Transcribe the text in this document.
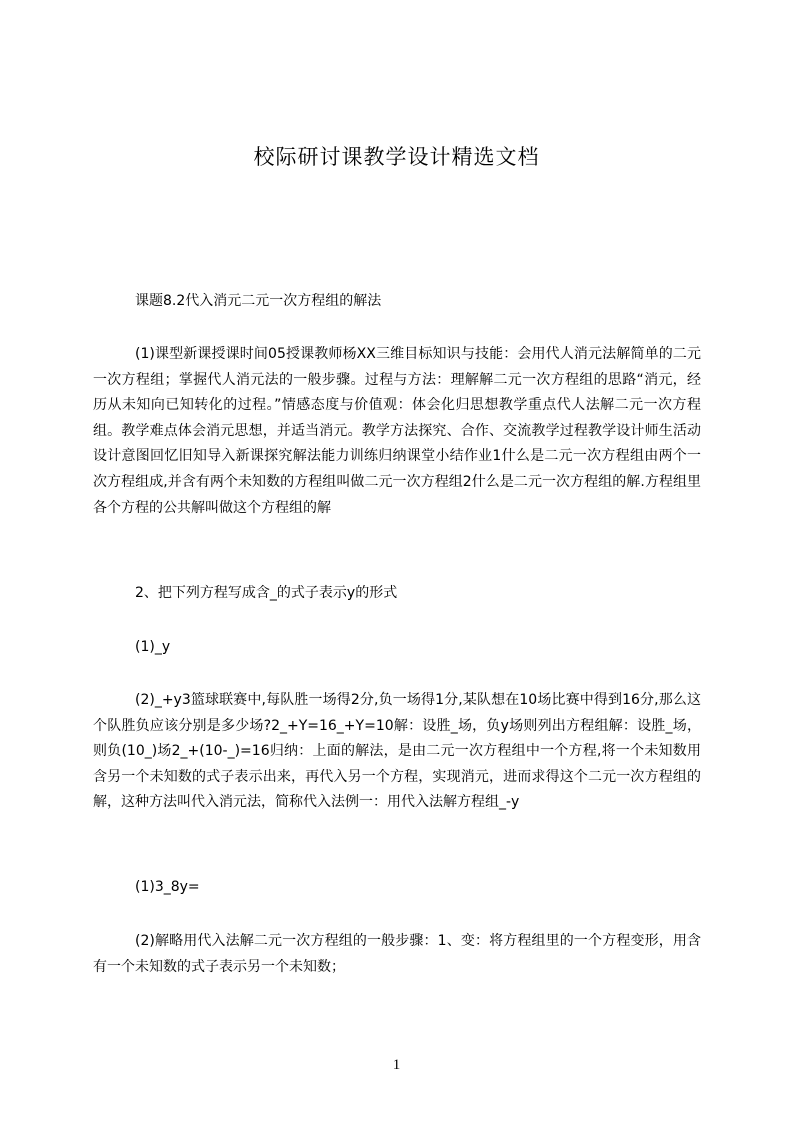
校际研讨课教学设计精选文档

课题8.2代入消元二元一次方程组的解法

(1)课型新课授课时间05授课教师杨XX三维目标知识与技能：会用代人消元法解简单的二元一次方程组；掌握代人消元法的一般步骤。过程与方法：理解解二元一次方程组的思路“消元，经历从未知向已知转化的过程。”情感态度与价值观：体会化归思想教学重点代人法解二元一次方程组。教学难点体会消元思想，并适当消元。教学方法探究、合作、交流教学过程教学设计师生活动设计意图回忆旧知导入新课探究解法能力训练归纳课堂小结作业1什么是二元一次方程组由两个一次方程组成,并含有两个未知数的方程组叫做二元一次方程组2什么是二元一次方程组的解.方程组里各个方程的公共解叫做这个方程组的解

2、把下列方程写成含_的式子表示y的形式

(1)_y

(2)_+y3篮球联赛中,每队胜一场得2分,负一场得1分,某队想在10场比赛中得到16分,那么这个队胜负应该分别是多少场?2_+Y=16_+Y=10解：设胜_场，负y场则列出方程组解：设胜_场，则负(10_)场2_+(10-_)=16归纳：上面的解法，是由二元一次方程组中一个方程,将一个未知数用含另一个未知数的式子表示出来，再代入另一个方程，实现消元，进而求得这个二元一次方程组的解，这种方法叫代入消元法，简称代入法例一：用代入法解方程组_-y

(1)3_8y=

(2)解略用代入法解二元一次方程组的一般步骤：1、变：将方程组里的一个方程变形，用含有一个未知数的式子表示另一个未知数；

1
